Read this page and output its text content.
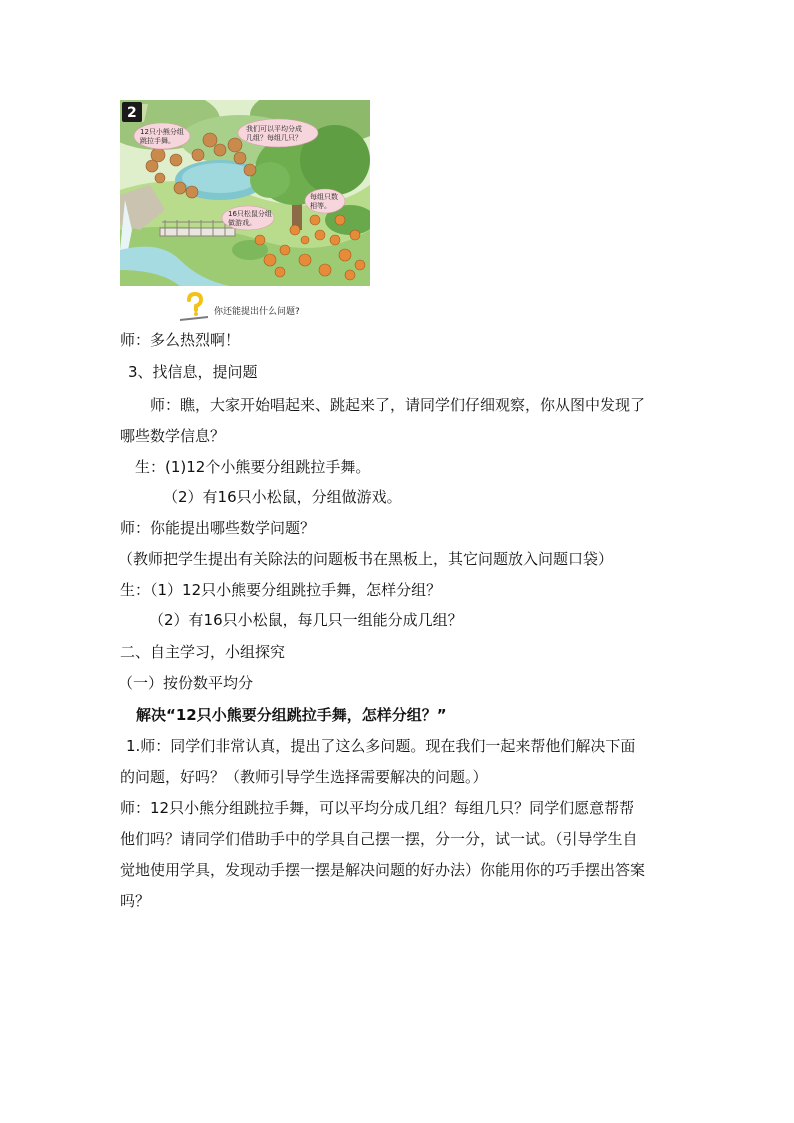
2
12只小熊分组
跳拉手舞。
我们可以平均分成
几组？每组几只？
16只松鼠分组
做游戏。
每组只数
相等。
你还能提出什么问题?
师：多么热烈啊！
3、找信息，提问题
师：瞧，大家开始唱起来、跳起来了，请同学们仔细观察，你从图中发现了
哪些数学信息？
生：(1)12个小熊要分组跳拉手舞。
（2）有16只小松鼠，分组做游戏。
师：你能提出哪些数学问题？
（教师把学生提出有关除法的问题板书在黑板上，其它问题放入问题口袋）
生：（1）12只小熊要分组跳拉手舞，怎样分组？
（2）有16只小松鼠，每几只一组能分成几组？
二、自主学习，小组探究
（一）按份数平均分
解决“12只小熊要分组跳拉手舞，怎样分组？”
1.师：同学们非常认真，提出了这么多问题。现在我们一起来帮他们解决下面
的问题，好吗？（教师引导学生选择需要解决的问题。）
师：12只小熊分组跳拉手舞，可以平均分成几组？每组几只？同学们愿意帮帮
他们吗？请同学们借助手中的学具自己摆一摆，分一分，试一试。（引导学生自
觉地使用学具，发现动手摆一摆是解决问题的好办法）你能用你的巧手摆出答案
吗？
